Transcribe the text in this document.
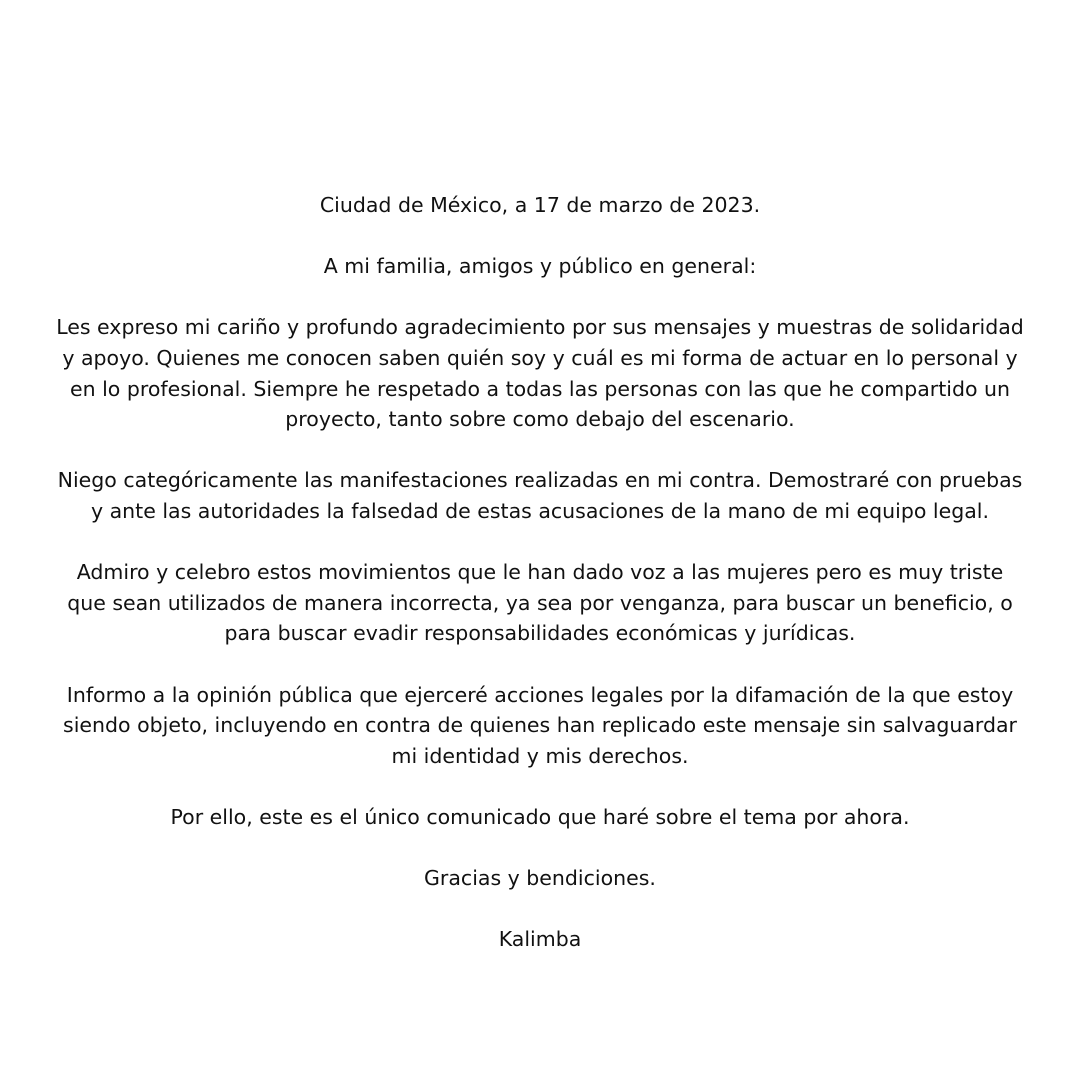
Ciudad de México, a 17 de marzo de 2023.

A mi familia, amigos y público en general:

Les expreso mi cariño y profundo agradecimiento por sus mensajes y muestras de solidaridad
y apoyo. Quienes me conocen saben quién soy y cuál es mi forma de actuar en lo personal y
en lo profesional. Siempre he respetado a todas las personas con las que he compartido un
proyecto, tanto sobre como debajo del escenario.
Niego categóricamente las manifestaciones realizadas en mi contra. Demostraré con pruebas
y ante las autoridades la falsedad de estas acusaciones de la mano de mi equipo legal.
Admiro y celebro estos movimientos que le han dado voz a las mujeres pero es muy triste
que sean utilizados de manera incorrecta, ya sea por venganza, para buscar un beneficio, o
para buscar evadir responsabilidades económicas y jurídicas.
Informo a la opinión pública que ejerceré acciones legales por la difamación de la que estoy
siendo objeto, incluyendo en contra de quienes han replicado este mensaje sin salvaguardar
mi identidad y mis derechos.

Por ello, este es el único comunicado que haré sobre el tema por ahora.

Gracias y bendiciones.

Kalimba
